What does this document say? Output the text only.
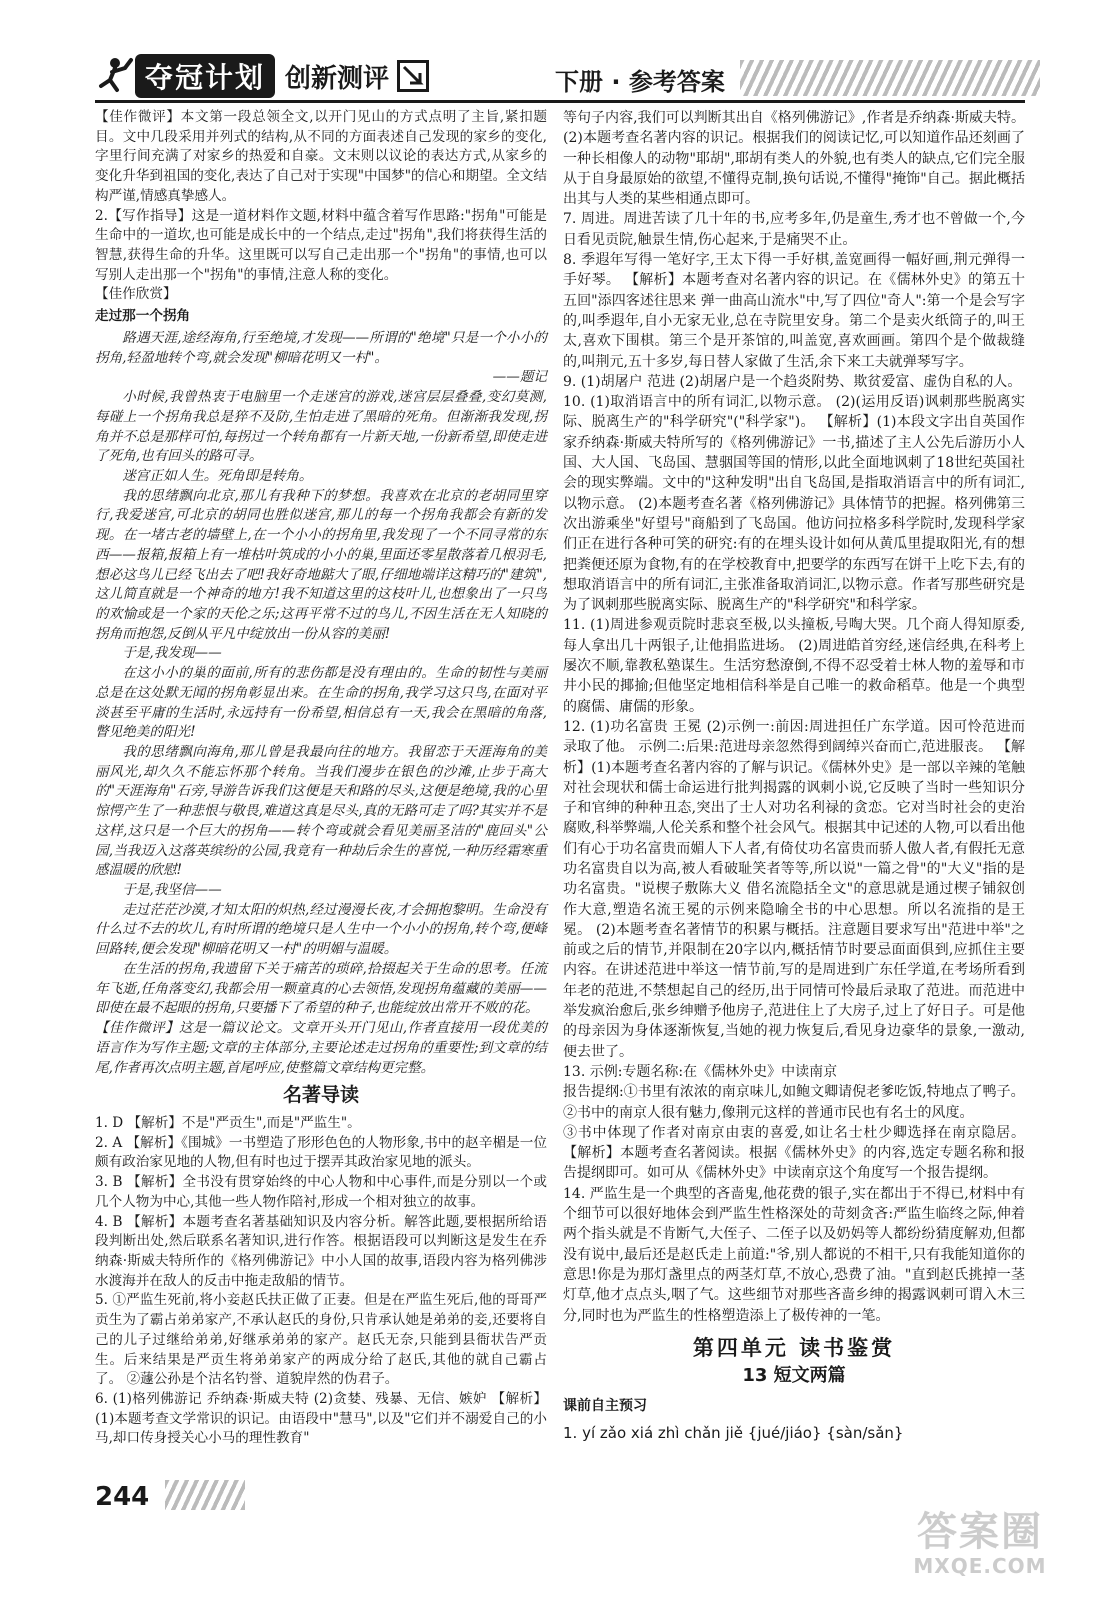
夺冠计划 创新测评	下册 · 参考答案

【佳作微评】本文第一段总领全文,以开门见山的方式点明了主旨,紧扣题目。文中几段采用并列式的结构,从不同的方面表述自己发现的家乡的变化,字里行间充满了对家乡的热爱和自豪。文末则以议论的表达方式,从家乡的变化升华到祖国的变化,表达了自己对于实现"中国梦"的信心和期望。全文结构严谨,情感真挚感人。

2.【写作指导】这是一道材料作文题,材料中蕴含着写作思路:"拐角"可能是生命中的一道坎,也可能是成长中的一个结点,走过"拐角",我们将获得生活的智慧,获得生命的升华。这里既可以写自己走出那一个"拐角"的事情,也可以写别人走出那一个"拐角"的事情,注意人称的变化。

【佳作欣赏】

走过那一个拐角

路遇天涯,途经海角,行至绝境,才发现——所谓的"绝境"只是一个小小的拐角,轻盈地转个弯,就会发现"柳暗花明又一村"。

——题记

小时候,我曾热衷于电脑里一个走迷宫的游戏,迷宫层层叠叠,变幻莫测,每碰上一个拐角我总是猝不及防,生怕走进了黑暗的死角。但渐渐我发现,拐角并不总是那样可怕,每拐过一个转角都有一片新天地,一份新希望,即使走进了死角,也有回头的路可寻。

迷宫正如人生。死角即是转角。

我的思绪飘向北京,那儿有我种下的梦想。我喜欢在北京的老胡同里穿行,我爱迷宫,可北京的胡同也胜似迷宫,那儿的每一个拐角我都会有新的发现。在一堵古老的墙壁上,在一个小小的拐角里,我发现了一个不同寻常的东西——报箱,报箱上有一堆枯叶筑成的小小的巢,里面还零星散落着几根羽毛,想必这鸟儿已经飞出去了吧!我好奇地踮大了眼,仔细地端详这精巧的"建筑",这儿简直就是一个神奇的地方!我不知道这里的这枝叶儿,也想象出了一只鸟的欢愉或是一个家的天伦之乐;这再平常不过的鸟儿,不因生活在无人知晓的拐角而抱怨,反倒从平凡中绽放出一份从容的美丽!

于是,我发现——

在这小小的巢的面前,所有的悲伤都是没有理由的。生命的韧性与美丽总是在这处默无闻的拐角彰显出来。在生命的拐角,我学习这只鸟,在面对平淡甚至平庸的生活时,永远持有一份希望,相信总有一天,我会在黑暗的角落,瞥见绝美的阳光!

我的思绪飘向海角,那儿曾是我最向往的地方。我留恋于天涯海角的美丽风光,却久久不能忘怀那个转角。当我们漫步在银色的沙滩,止步于高大的"天涯海角"石旁,导游告诉我们这便是天和路的尽头,这便是绝境,我的心里惊愕产生了一种悲恨与敬畏,难道这真是尽头,真的无路可走了吗?其实并不是这样,这只是一个巨大的拐角——转个弯或就会看见美丽圣洁的"鹿回头"公园,当我迈入这落英缤纷的公园,我竟有一种劫后余生的喜悦,一种历经霜寒重感温暖的欣慰!

于是,我坚信——

走过茫茫沙漠,才知太阳的炽热,经过漫漫长夜,才会拥抱黎明。生命没有什么过不去的坎儿,有时所谓的绝境只是人生中一个小小的拐角,转个弯,便峰回路转,便会发现"柳暗花明又一村"的明媚与温暖。

在生活的拐角,我遗留下关于痛苦的琐碎,拾掇起关于生命的思考。任流年飞逝,任角落变幻,我都会用一颗童真的心去领悟,发现拐角蕴藏的美丽——即使在最不起眼的拐角,只要播下了希望的种子,也能绽放出常开不败的花。

【佳作微评】这是一篇议论文。文章开头开门见山,作者直接用一段优美的语言作为写作主题;文章的主体部分,主要论述走过拐角的重要性;到文章的结尾,作者再次点明主题,首尾呼应,使整篇文章结构更完整。

名著导读

1. D 【解析】不是"严贡生",而是"严监生"。

2. A 【解析】《围城》一书塑造了形形色色的人物形象,书中的赵辛楣是一位颇有政治家见地的人物,但有时也过于摆弄其政治家见地的派头。

3. B 【解析】全书没有贯穿始终的中心人物和中心事件,而是分别以一个或几个人物为中心,其他一些人物作陪衬,形成一个相对独立的故事。

4. B 【解析】本题考查名著基础知识及内容分析。解答此题,要根据所给语段判断出处,然后联系名著知识,进行作答。根据语段可以判断这是发生在乔纳森·斯威夫特所作的《格列佛游记》中小人国的故事,语段内容为格列佛涉水渡海并在敌人的反击中拖走敌船的情节。

5. ①严监生死前,将小妾赵氏扶正做了正妻。但是在严监生死后,他的哥哥严贡生为了霸占弟弟家产,不承认赵氏的身份,只肯承认她是弟弟的妾,还要将自己的儿子过继给弟弟,好继承弟弟的家产。赵氏无奈,只能到县衙状告严贡生。后来结果是严贡生将弟弟家产的两成分给了赵氏,其他的就自己霸占了。 ②蘧公孙是个沽名钓誉、道貌岸然的伪君子。

6. (1)格列佛游记 乔纳森·斯威夫特 (2)贪婪、残暴、无信、嫉妒 【解析】(1)本题考查文学常识的识记。由语段中"慧马",以及"它们并不溺爱自己的小马,却口传身授关心小马的理性教育"

等句子内容,我们可以判断其出自《格列佛游记》,作者是乔纳森·斯威夫特。 (2)本题考查名著内容的识记。根据我们的阅读记忆,可以知道作品还刻画了一种长相像人的动物"耶胡",耶胡有类人的外貌,也有类人的缺点,它们完全服从于自身最原始的欲望,不懂得克制,换句话说,不懂得"掩饰"自己。据此概括出其与人类的某些相通点即可。

7. 周进。周进苦读了几十年的书,应考多年,仍是童生,秀才也不曾做一个,今日看见贡院,触景生情,伤心起来,于是痛哭不止。

8. 季遐年写得一笔好字,王太下得一手好棋,盖宽画得一幅好画,荆元弹得一手好琴。 【解析】本题考查对名著内容的识记。在《儒林外史》的第五十五回"添四客述往思来 弹一曲高山流水"中,写了四位"奇人":第一个是会写字的,叫季遐年,自小无家无业,总在寺院里安身。第二个是卖火纸筒子的,叫王太,喜欢下围棋。第三个是开茶馆的,叫盖宽,喜欢画画。第四个是个做裁缝的,叫荆元,五十多岁,每日替人家做了生活,余下来工夫就弹琴写字。

9. (1)胡屠户 范进 (2)胡屠户是一个趋炎附势、欺贫爱富、虚伪自私的人。

10. (1)取消语言中的所有词汇,以物示意。 (2)(运用反语)讽刺那些脱离实际、脱离生产的"科学研究"("科学家")。 【解析】(1)本段文字出自英国作家乔纳森·斯威夫特所写的《格列佛游记》一书,描述了主人公先后游历小人国、大人国、飞岛国、慧骃国等国的情形,以此全面地讽刺了18世纪英国社会的现实弊端。文中的"这种发明"出自飞岛国,是指取消语言中的所有词汇,以物示意。 (2)本题考查名著《格列佛游记》具体情节的把握。格列佛第三次出游乘坐"好望号"商船到了飞岛国。他访问拉格多科学院时,发现科学家们正在进行各种可笑的研究:有的在埋头设计如何从黄瓜里提取阳光,有的想把粪便还原为食物,有的在学校教育中,把要学的东西写在饼干上吃下去,有的想取消语言中的所有词汇,主张准备取消词汇,以物示意。作者写那些研究是为了讽刺那些脱离实际、脱离生产的"科学研究"和科学家。

11. (1)周进参观贡院时悲哀至极,以头撞板,号啕大哭。几个商人得知原委,每人拿出几十两银子,让他捐监进场。 (2)周进皓首穷经,迷信经典,在科考上屡次不顺,靠教私塾谋生。生活穷愁潦倒,不得不忍受着士林人物的羞辱和市井小民的揶揄;但他坚定地相信科举是自己唯一的救命稻草。他是一个典型的腐儒、庸儒的形象。

12. (1)功名富贵 王冕 (2)示例一:前因:周进担任广东学道。因可怜范进而录取了他。 示例二:后果:范进母亲忽然得到阔绰兴奋而亡,范进服丧。 【解析】(1)本题考查名著内容的了解与识记。《儒林外史》是一部以辛辣的笔触对社会现状和儒士命运进行批判揭露的讽刺小说,它反映了当时一些知识分子和官绅的种种丑态,突出了士人对功名利禄的贪恋。它对当时社会的吏治腐败,科举弊端,人伦关系和整个社会风气。根据其中记述的人物,可以看出他们有心于功名富贵而媚人下人者,有倚仗功名富贵而骄人傲人者,有假托无意功名富贵自以为高,被人看破耻笑者等等,所以说"一篇之骨"的"大义"指的是功名富贵。"说楔子敷陈大义 借名流隐括全文"的意思就是通过楔子铺叙创作大意,塑造名流王冕的示例来隐喻全书的中心思想。所以名流指的是王冕。 (2)本题考查名著情节的积累与概括。注意题目要求写出"范进中举"之前或之后的情节,并限制在20字以内,概括情节时要忌面面俱到,应抓住主要内容。在讲述范进中举这一情节前,写的是周进到广东任学道,在考场所看到年老的范进,不禁想起自己的经历,出于同情可怜最后录取了范进。而范进中举发疯治愈后,张乡绅赠予他房子,范进住上了大房子,过上了好日子。可是他的母亲因为身体逐渐恢复,当她的视力恢复后,看见身边豪华的景象,一激动,便去世了。

13. 示例:专题名称:在《儒林外史》中读南京

报告提纲:①书里有浓浓的南京味儿,如鲍文卿请倪老爹吃饭,特地点了鸭子。

②书中的南京人很有魅力,像荆元这样的普通市民也有名士的风度。

③书中体现了作者对南京由衷的喜爱,如让名士杜少卿选择在南京隐居。 【解析】本题考查名著阅读。根据《儒林外史》的内容,选定专题名称和报告提纲即可。如可从《儒林外史》中读南京这个角度写一个报告提纲。

14. 严监生是一个典型的吝啬鬼,他花费的银子,实在都出于不得已,材料中有个细节可以很好地体会到严监生性格深处的苛刻贪吝:严监生临终之际,伸着两个指头就是不肯断气,大侄子、二侄子以及奶妈等人都纷纷猜度解劝,但都没有说中,最后还是赵氏走上前道:"爷,别人都说的不相干,只有我能知道你的意思!你是为那灯盏里点的两茎灯草,不放心,恐费了油。"直到赵氏挑掉一茎灯草,他才点点头,咽了气。这些细节对那些吝啬乡绅的揭露讽刺可谓入木三分,同时也为严监生的性格塑造添上了极传神的一笔。

第四单元 读书鉴赏

13 短文两篇

课前自主预习

1. yí zǎo xiá zhì chǎn jiě {jué/jiáo} {sàn/sǎn}

244
答案圈
MXQE.COM
